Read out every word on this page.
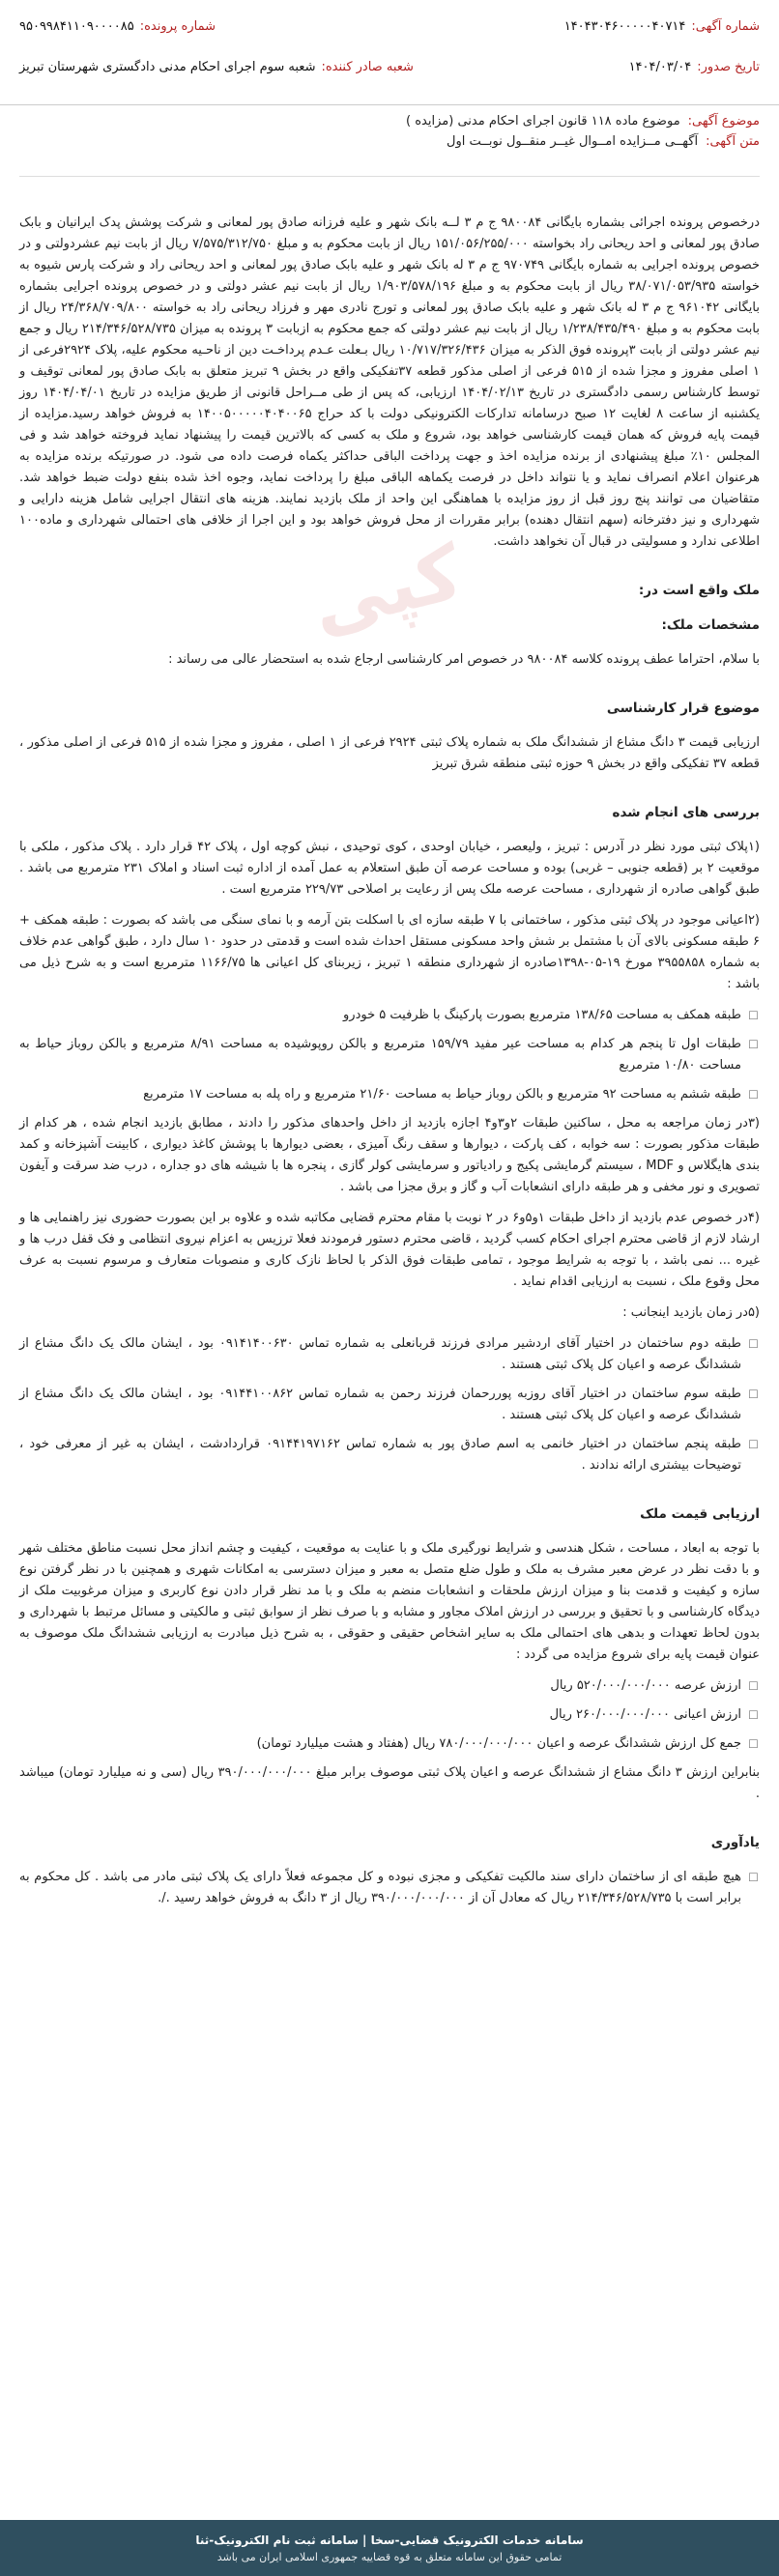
کپی
شماره آگهی:
۱۴۰۴۳۰۴۶۰۰۰۰۰۴۰۷۱۴
شماره پرونده:
۹۵۰۹۹۸۴۱۱۰۹۰۰۰۰۸۵
تاریخ صدور:
۱۴۰۴/۰۳/۰۴
شعبه صادر کننده:
شعبه سوم اجرای احکام مدنی دادگستری شهرستان تبریز
موضوع آگهی:
موضوع ماده ۱۱۸ قانون اجرای احکام مدنی (مزایده )
متن آگهی:
آگهــی مــزایده امــوال غیــر منقــول نوبــت اول

درخصوص پرونده اجرائی بشماره بایگانی ۹۸۰۰۸۴ ج م ۳ لــه بانک شهر و علیه فرزانه صادق پور لمعانی و شرکت پوشش پدک ایرانیان و بابک صادق پور لمعانی و احد ریحانی راد بخواسته ۱۵۱/۰۵۶/۲۵۵/۰۰۰ ریال از بابت محکوم به و مبلغ ۷/۵۷۵/۳۱۲/۷۵۰ ریال از بابت نیم عشردولتی و در خصوص پرونده اجرایی به شماره بایگانی ۹۷۰۷۴۹ ج م ۳ له بانک شهر و علیه بابک صادق پور لمعانی و احد ریحانی راد و شرکت پارس شیوه به خواسته ۳۸/۰۷۱/۰۵۳/۹۳۵ ریال از بابت محکوم به و مبلغ ۱/۹۰۳/۵۷۸/۱۹۶ ریال از بابت نیم عشر دولتی و در خصوص پرونده اجرایی بشماره بایگانی ۹۶۱۰۴۲ ج م ۳ له بانک شهر و علیه بابک صادق پور لمعانی و تورج نادری مهر و فرزاد ریحانی راد به خواسته ۲۴/۳۶۸/۷۰۹/۸۰۰ ریال از بابت محکوم به و مبلغ ۱/۲۳۸/۴۳۵/۴۹۰ ریال از بابت نیم عشر دولتی که جمع محکوم به ازبابت ۳ پرونده به میزان ۲۱۴/۳۴۶/۵۲۸/۷۳۵ ریال و جمع نیم عشر دولتی از بابت ۳پرونده فوق الذکر به میزان ۱۰/۷۱۷/۳۲۶/۴۳۶ ریال بـعلت عـدم پرداخـت دین از ناحـیه محکوم علیه، پلاک ۲۹۲۴فرعی از ۱ اصلی مفروز و مجزا شده از ۵۱۵ فرعی از اصلی مذکور قطعه ۳۷تفکیکی واقع در بخش ۹ تبریز متعلق به بابک صادق پور لمعانی توقیف و توسط کارشناس رسمی دادگستری در تاریخ ۱۴۰۴/۰۲/۱۳ ارزیابی، که پس از طی مــراحل قانونی از طریق مزایده در تاریخ ۱۴۰۴/۰۴/۰۱ روز یکشنبه از ساعت ۸ لغایت ۱۲ صبح درسامانه تدارکات الکترونیکی دولت با کد حراج ۱۴۰۰۵۰۰۰۰۰۴۰۴۰۰۶۵ به فروش خواهد رسید.مزایده از قیمت پایه فروش که همان قیمت کارشناسی خواهد بود، شروع و ملک به کسی که بالاترین قیمت را پیشنهاد نماید فروخته خواهد شد و فی المجلس ۱۰٪ مبلغ پیشنهادی از برنده مزایده اخذ و جهت پرداخت الباقی حداکثر یکماه فرصت داده می شود. در صورتیکه برنده مزایده به هرعنوان اعلام انصراف نماید و یا نتواند داخل در فرصت یکماهه الباقی مبلغ را پرداخت نماید، وجوه اخذ شده بنفع دولت ضبط خواهد شد. متقاضیان می توانند پنج روز قبل از روز مزایده با هماهنگی این واحد از ملک بازدید نمایند. هزینه های انتقال اجرایی شامل هزینه دارایی و شهرداری و نیز دفترخانه (سهم انتقال دهنده) برابر مقررات از محل فروش خواهد بود و این اجرا از خلافی های احتمالی شهرداری و ماده۱۰۰ اطلاعی ندارد و مسولیتی در قبال آن نخواهد داشت.

ملک واقع است در:
مشخصات ملک:

با سلام، احتراما عطف پرونده کلاسه ۹۸۰۰۸۴ در خصوص امر کارشناسی ارجاع شده به استحضار عالی می رساند :

موضوع قرار کارشناسی

ارزیابی قیمت ۳ دانگ مشاع از ششدانگ ملک به شماره پلاک ثبتی ۲۹۲۴ فرعی از ۱ اصلی ، مفروز و مجزا شده از ۵۱۵ فرعی از اصلی مذکور ، قطعه ۳۷ تفکیکی واقع در بخش ۹ حوزه ثبتی منطقه شرق تبریز

بررسی های انجام شده

(۱پلاک ثبتی مورد نظر در آدرس : تبریز ، ولیعصر ، خیابان اوحدی ، کوی توحیدی ، نبش کوچه اول ، پلاک ۴۲ قرار دارد . پلاک مذکور ، ملکی با موقعیت ۲ بر (قطعه جنوبی – غربی) بوده و مساحت عرصه آن طبق استعلام به عمل آمده از اداره ثبت اسناد و املاک ۲۳۱ مترمربع می باشد . طبق گواهی صادره از شهرداری ، مساحت عرصه ملک پس از رعایت بر اصلاحی ۲۲۹/۷۳ مترمربع است .

(۲اعیانی موجود در پلاک ثبتی مذکور ، ساختمانی با ۷ طبقه سازه ای با اسکلت بتن آرمه و با نمای سنگی می باشد که بصورت : طبقه همکف + ۶ طبقه مسکونی بالای آن با مشتمل بر شش واحد مسکونی مستقل احداث شده است و قدمتی در حدود ۱۰ سال دارد ، طبق گواهی عدم خلاف به شماره ۳۹۵۵۸۵۸ مورخ ۱۹-۰۵-۱۳۹۸صادره از شهرداری منطقه ۱ تبریز ، زیربنای کل اعیانی ها ۱۱۶۶/۷۵ مترمربع است و به شرح ذیل می باشد :

☐
طبقه همکف به مساحت ۱۳۸/۶۵ مترمربع بصورت پارکینگ با ظرفیت ۵ خودرو
☐
طبقات اول تا پنجم هر کدام به مساحت عیر مفید ۱۵۹/۷۹ مترمربع و بالکن روپوشیده به مساحت ۸/۹۱ مترمربع و بالکن روباز حیاط به مساحت ۱۰/۸۰ مترمربع
☐
طبقه ششم به مساحت ۹۲ مترمربع و بالکن روباز حیاط به مساحت ۲۱/۶۰ مترمربع و راه پله به مساحت ۱۷ مترمربع

(۳در زمان مراجعه به محل ، ساکنین طبقات ۲و۳و۴ اجازه بازدید از داخل واحدهای مذکور را دادند ، مطابق بازدید انجام شده ، هر کدام از طبقات مذکور بصورت : سه خوابه ، کف پارکت ، دیوارها و سقف رنگ آمیزی ، بعضی دیوارها با پوشش کاغذ دیواری ، کابینت آشپزخانه و کمد بندی هایگلاس و MDF ، سیستم گرمایشی پکیج و رادیاتور و سرمایشی کولر گازی ، پنجره ها با شیشه های دو جداره ، درب ضد سرقت و آیفون تصویری و نور مخفی و هر طبقه دارای انشعابات آب و گاز و برق مجزا می باشد .

(۴در خصوص عدم بازدید از داخل طبقات ۱و۵و۶ در ۲ نوبت با مقام محترم قضایی مکاتبه شده و علاوه بر این بصورت حضوری نیز راهنمایی ها و ارشاد لازم از قاضی محترم اجرای احکام کسب گردید ، قاضی محترم دستور فرمودند فعلا ترزیس به اعزام نیروی انتظامی و فک قفل درب ها و غیره ... نمی باشد ، با توجه به شرایط موجود ، تمامی طبقات فوق الذکر با لحاظ نازک کاری و منصوبات متعارف و مرسوم نسبت به عرف محل وقوع ملک ، نسبت به ارزیابی اقدام نماید .

(۵در زمان بازدید اینجانب :

☐
طبقه دوم ساختمان در اختیار آقای اردشیر مرادی فرزند قربانعلی به شماره تماس ۰۹۱۴۱۴۰۰۶۳۰ بود ، ایشان مالک یک دانگ مشاع از ششدانگ عرصه و اعیان کل پلاک ثبتی هستند .
☐
طبقه سوم ساختمان در اختیار آقای روزبه پوررحمان فرزند رحمن به شماره تماس ۰۹۱۴۴۱۰۰۸۶۲ بود ، ایشان مالک یک دانگ مشاع از ششدانگ عرصه و اعیان کل پلاک ثبتی هستند .
☐
طبقه پنجم ساختمان در اختیار خانمی به اسم صادق پور به شماره تماس ۰۹۱۴۴۱۹۷۱۶۲ قراردادشت ، ایشان به غیر از معرفی خود ، توضیحات بیشتری ارائه ندادند .
ارزیابی قیمت ملک

با توجه به ابعاد ، مساحت ، شکل هندسی و شرایط نورگیری ملک و با عنایت به موقعیت ، کیفیت و چشم انداز محل نسبت مناطق مختلف شهر و با دقت نظر در عرض معبر مشرف به ملک و طول ضلع متصل به معبر و میزان دسترسی به امکانات شهری و همچنین با در نظر گرفتن نوع سازه و کیفیت و قدمت بنا و میزان ارزش ملحقات و انشعابات منضم به ملک و با مد نظر قرار دادن نوع کاربری و میزان مرغوبیت ملک از دیدگاه کارشناسی و با تحقیق و بررسی در ارزش املاک مجاور و مشابه و با صرف نظر از سوابق ثبتی و مالکیتی و مسائل مرتبط با شهرداری و بدون لحاظ تعهدات و بدهی های احتمالی ملک به سایر اشخاص حقیقی و حقوقی ، به شرح ذیل مبادرت به ارزیابی ششدانگ ملک موصوف به عنوان قیمت پایه برای شروع مزایده می گردد :

☐
ارزش عرصه ۵۲۰/۰۰۰/۰۰۰/۰۰۰ ریال
☐
ارزش اعیانی ۲۶۰/۰۰۰/۰۰۰/۰۰۰ ریال
☐
جمع کل ارزش ششدانگ عرصه و اعیان ۷۸۰/۰۰۰/۰۰۰/۰۰۰ ریال (هفتاد و هشت میلیارد تومان)

بنابراین ارزش ۳ دانگ مشاع از ششدانگ عرصه و اعیان پلاک ثبتی موصوف برابر مبلغ ۳۹۰/۰۰۰/۰۰۰/۰۰۰ ریال (سی و نه میلیارد تومان) میباشد .

یادآوری
☐
هیچ طبقه ای از ساختمان دارای سند مالکیت تفکیکی و مجزی نبوده و کل مجموعه فعلاً دارای یک پلاک ثبتی مادر می باشد . کل محکوم به برابر است با ۲۱۴/۳۴۶/۵۲۸/۷۳۵ ریال که معادل آن از ۳۹۰/۰۰۰/۰۰۰/۰۰۰ ریال از ۳ دانگ به فروش خواهد رسید ./.
سامانه خدمات الکترونیک قضایی-سخا | سامانه ثبت نام الکترونیک-ثنا
تمامی حقوق این سامانه متعلق به قوه قضاییه جمهوری اسلامی ایران می باشد
